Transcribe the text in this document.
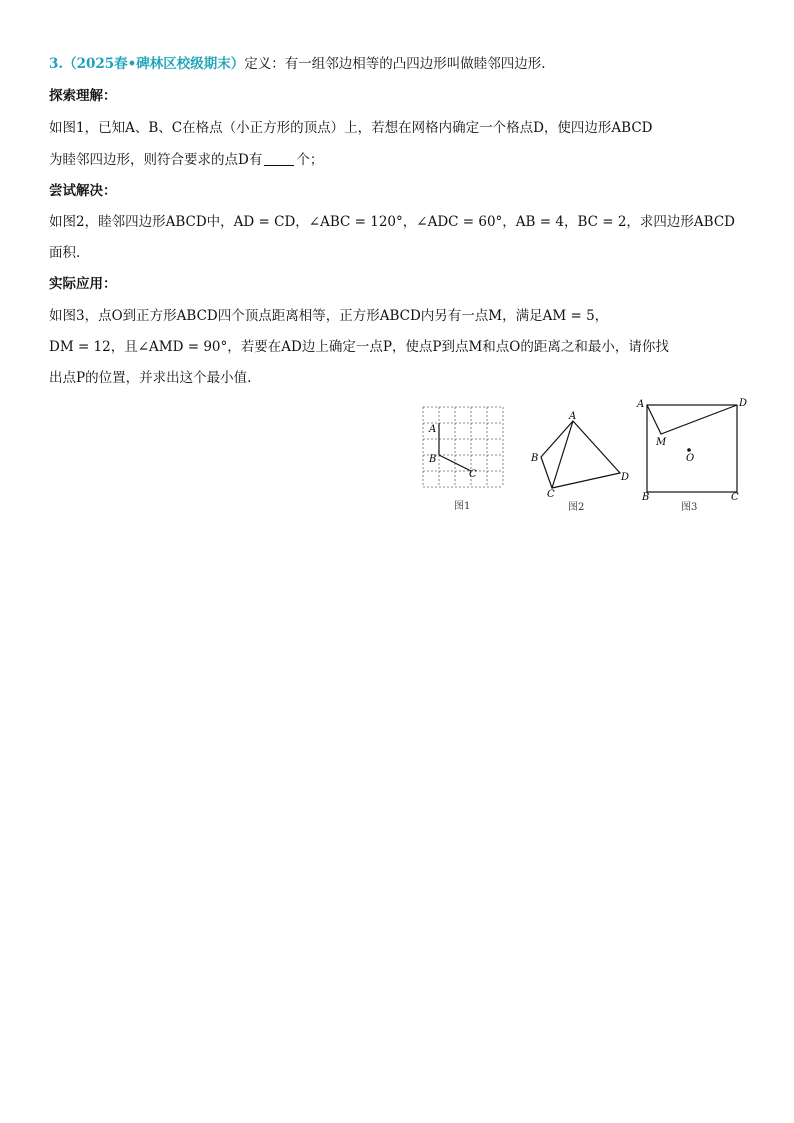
3.（2025春•碑林区校级期末）定义：有一组邻边相等的凸四边形叫做睦邻四边形.
探索理解：
如图1，已知A、B、C在格点（小正方形的顶点）上，若想在网格内确定一个格点D，使四边形ABCD
为睦邻四边形，则符合要求的点D有	个；
尝试解决：
如图2，睦邻四边形ABCD中，AD = CD，∠ABC = 120°，∠ADC = 60°，AB = 4，BC = 2，求四边形ABCD
面积.
实际应用：
如图3，点O到正方形ABCD四个顶点距离相等，正方形ABCD内另有一点M，满足AM = 5，
DM = 12，且∠AMD = 90°，若要在AD边上确定一点P，使点P到点M和点O的距离之和最小，请你找
出点P的位置，并求出这个最小值.
A
B
C
图1
A
B
C
D
图2
A	D
M
O
B	C
图3
